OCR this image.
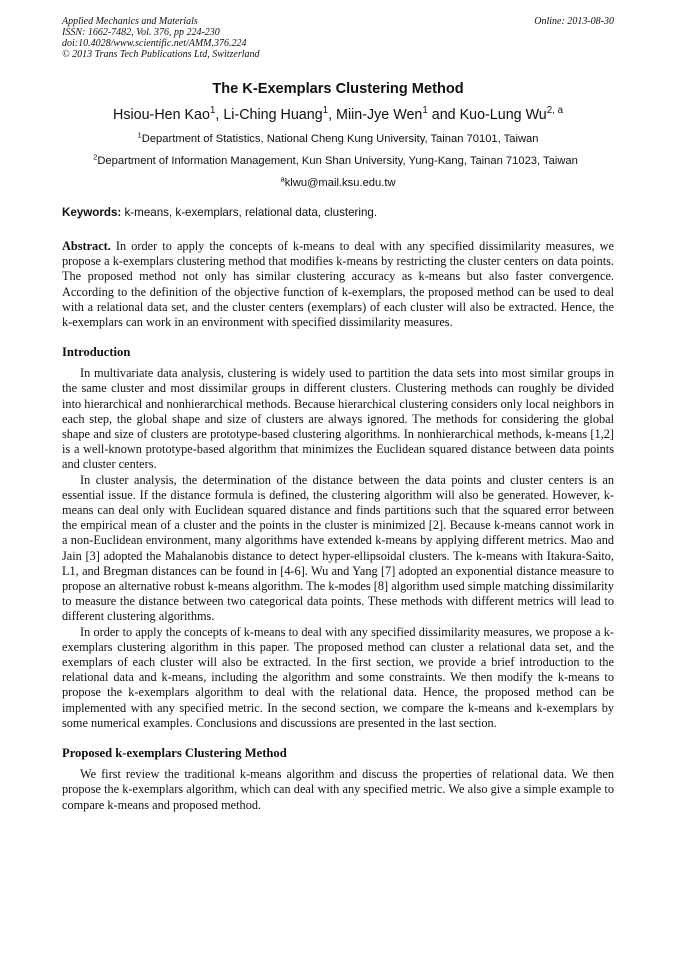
Applied Mechanics and Materials
ISSN: 1662-7482, Vol. 376, pp 224-230
doi:10.4028/www.scientific.net/AMM.376.224
© 2013 Trans Tech Publications Ltd, Switzerland
Online: 2013-08-30
The K-Exemplars Clustering Method
Hsiou-Hen Kao$^1$, Li-Ching Huang$^1$, Miin-Jye Wen$^1$ and Kuo-Lung Wu$^{2, a}$
$^1$Department of Statistics, National Cheng Kung University, Tainan 70101, Taiwan
$^2$Department of Information Management, Kun Shan University, Yung-Kang, Tainan 71023, Taiwan
$^a$klwu@mail.ksu.edu.tw
Keywords: k-means, k-exemplars, relational data, clustering.

Abstract. In order to apply the concepts of k-means to deal with any specified dissimilarity measures, we propose a k-exemplars clustering method that modifies k-means by restricting the cluster centers on data points. The proposed method not only has similar clustering accuracy as k-means but also faster convergence. According to the definition of the objective function of k-exemplars, the proposed method can be used to deal with a relational data set, and the cluster centers (exemplars) of each cluster will also be extracted. Hence, the k-exemplars can work in an environment with specified dissimilarity measures.

Introduction

In multivariate data analysis, clustering is widely used to partition the data sets into most similar groups in the same cluster and most dissimilar groups in different clusters. Clustering methods can roughly be divided into hierarchical and nonhierarchical methods. Because hierarchical clustering considers only local neighbors in each step, the global shape and size of clusters are always ignored. The methods for considering the global shape and size of clusters are prototype-based clustering algorithms. In nonhierarchical methods, k-means [1,2] is a well-known prototype-based algorithm that minimizes the Euclidean squared distance between data points and cluster centers.

In cluster analysis, the determination of the distance between the data points and cluster centers is an essential issue. If the distance formula is defined, the clustering algorithm will also be generated. However, k-means can deal only with Euclidean squared distance and finds partitions such that the squared error between the empirical mean of a cluster and the points in the cluster is minimized [2]. Because k-means cannot work in a non-Euclidean environment, many algorithms have extended k-means by applying different metrics. Mao and Jain [3] adopted the Mahalanobis distance to detect hyper-ellipsoidal clusters. The k-means with Itakura-Saito, L1, and Bregman distances can be found in [4-6]. Wu and Yang [7] adopted an exponential distance measure to propose an alternative robust k-means algorithm. The k-modes [8] algorithm used simple matching dissimilarity to measure the distance between two categorical data points. These methods with different metrics will lead to different clustering algorithms.

In order to apply the concepts of k-means to deal with any specified dissimilarity measures, we propose a k-exemplars clustering algorithm in this paper. The proposed method can cluster a relational data set, and the exemplars of each cluster will also be extracted. In the first section, we provide a brief introduction to the relational data and k-means, including the algorithm and some constraints. We then modify the k-means to propose the k-exemplars algorithm to deal with the relational data. Hence, the proposed method can be implemented with any specified metric. In the second section, we compare the k-means and k-exemplars by some numerical examples. Conclusions and discussions are presented in the last section.

Proposed k-exemplars Clustering Method

We first review the traditional k-means algorithm and discuss the properties of relational data. We then propose the k-exemplars algorithm, which can deal with any specified metric. We also give a simple example to compare k-means and proposed method.
